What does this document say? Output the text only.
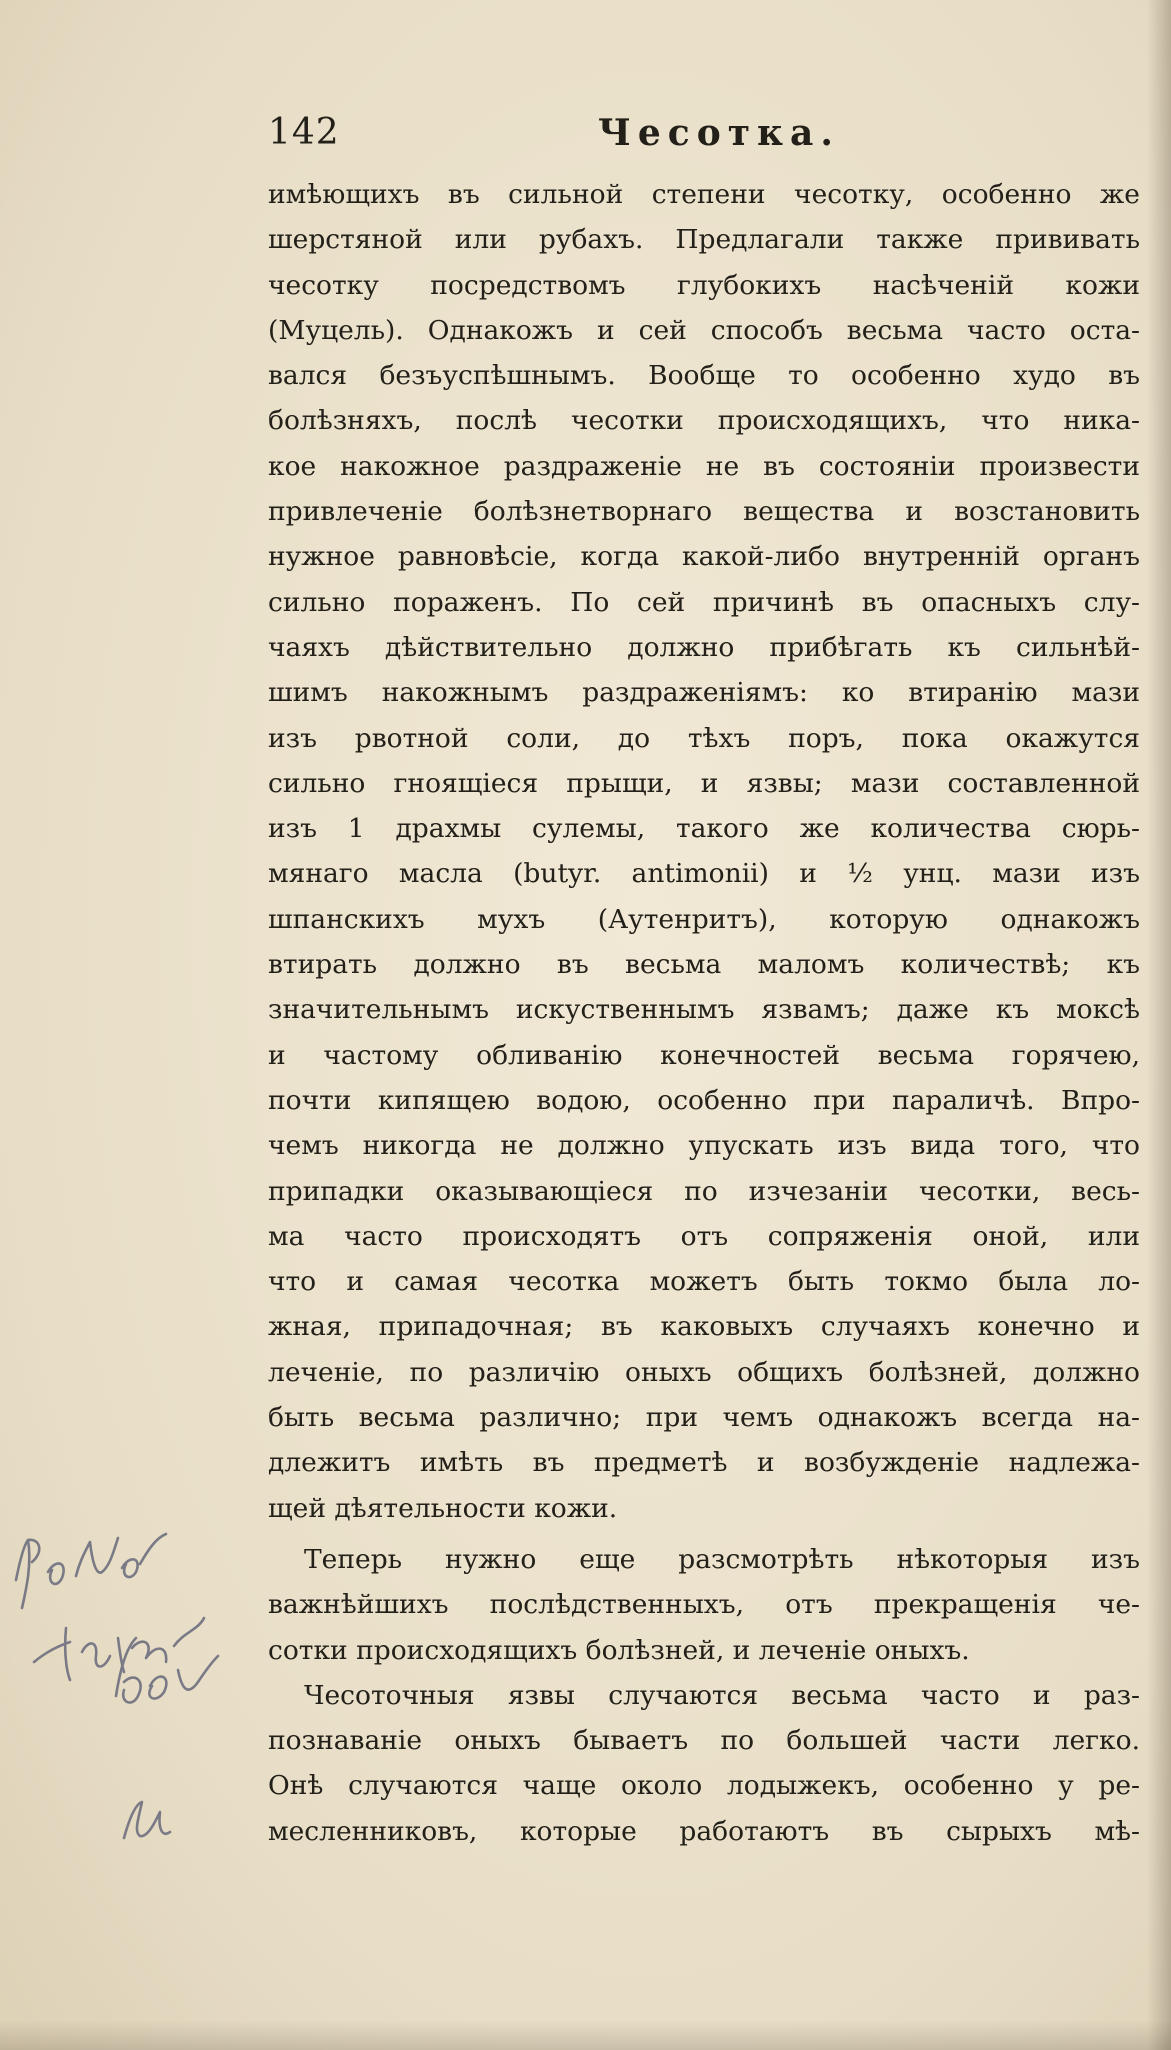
142	Чесотка.
имѣющихъ въ сильной степени чесотку, особенно же
шерстяной или рубахъ. Предлагали также прививать
чесотку посредствомъ глубокихъ насѣченій кожи
(Муцель). Однакожъ и сей способъ весьма часто оста-
вался безъуспѣшнымъ. Вообще то особенно худо въ
болѣзняхъ, послѣ чесотки происходящихъ, что ника-
кое накожное раздраженіе не въ состояніи произвести
привлеченіе болѣзнетворнаго вещества и возстановить
нужное равновѣсіе, когда какой-либо внутренній органъ
сильно пораженъ. По сей причинѣ въ опасныхъ слу-
чаяхъ дѣйствительно должно прибѣгать къ сильнѣй-
шимъ накожнымъ раздраженіямъ: ко втиранію мази
изъ рвотной соли, до тѣхъ поръ, пока окажутся
сильно гноящіеся прыщи, и язвы; мази составленной
изъ 1 драхмы сулемы, такого же количества сюрь-
мянаго масла (butyr. antimonii) и ½ унц. мази изъ
шпанскихъ мухъ (Аутенритъ), которую однакожъ
втирать должно въ весьма маломъ количествѣ; къ
значительнымъ искуственнымъ язвамъ; даже къ моксѣ
и частому обливанію конечностей весьма горячею,
почти кипящею водою, особенно при параличѣ. Впро-
чемъ никогда не должно упускать изъ вида того, что
припадки оказывающіеся по изчезаніи чесотки, весь-
ма часто происходятъ отъ сопряженія оной, или
что и самая чесотка можетъ быть токмо была ло-
жная, припадочная; въ каковыхъ случаяхъ конечно и
леченіе, по различію оныхъ общихъ болѣзней, должно
быть весьма различно; при чемъ однакожъ всегда на-
длежитъ имѣть въ предметѣ и возбужденіе надлежа-
щей дѣятельности кожи.
Теперь нужно еще разсмотрѣть нѣкоторыя изъ
важнѣйшихъ послѣдственныхъ, отъ прекращенія че-
сотки происходящихъ болѣзней, и леченіе оныхъ.
Чесоточныя язвы случаются весьма часто и раз-
познаваніе оныхъ бываетъ по большей части легко.
Онѣ случаются чаще около лодыжекъ, особенно у ре-
месленниковъ, которые работаютъ въ сырыхъ мѣ-
